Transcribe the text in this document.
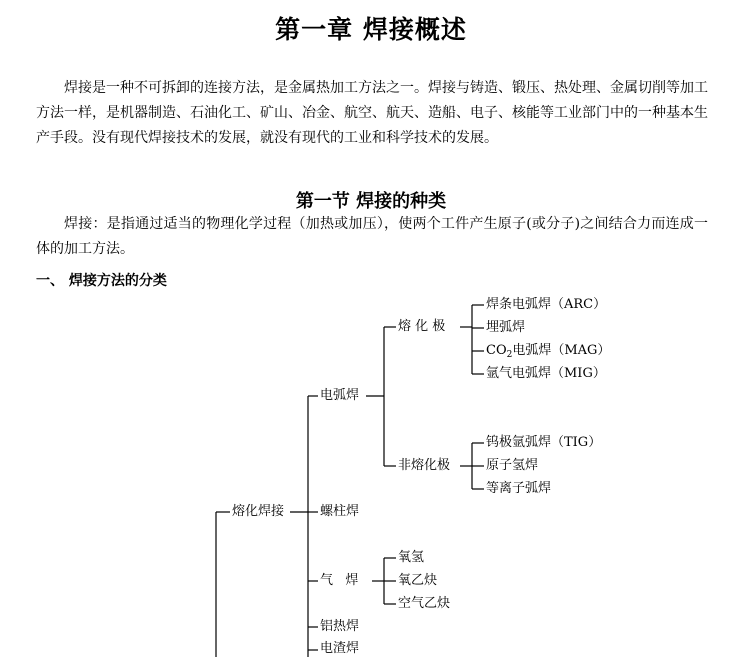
第一章 焊接概述

焊接是一种不可拆卸的连接方法，是金属热加工方法之一。焊接与铸造、锻压、热处理、金属切削等加工方法一样，是机器制造、石油化工、矿山、冶金、航空、航天、造船、电子、核能等工业部门中的一种基本生产手段。没有现代焊接技术的发展，就没有现代的工业和科学技术的发展。

第一节 焊接的种类

焊接：是指通过适当的物理化学过程（加热或加压），使两个工件产生原子(或分子)之间结合力而连成一体的加工方法。

一、 焊接方法的分类
熔化焊接
电弧焊
熔 化 极
非熔化极
焊条电弧焊（ARC）
埋弧焊
$CO_2$电弧焊（MAG）
氩气电弧焊（MIG）
钨极氩弧焊（TIG）
原子氢焊
等离子弧焊
螺柱焊
气   焊
氧氢
氧乙炔
空气乙炔
铝热焊
电渣焊
